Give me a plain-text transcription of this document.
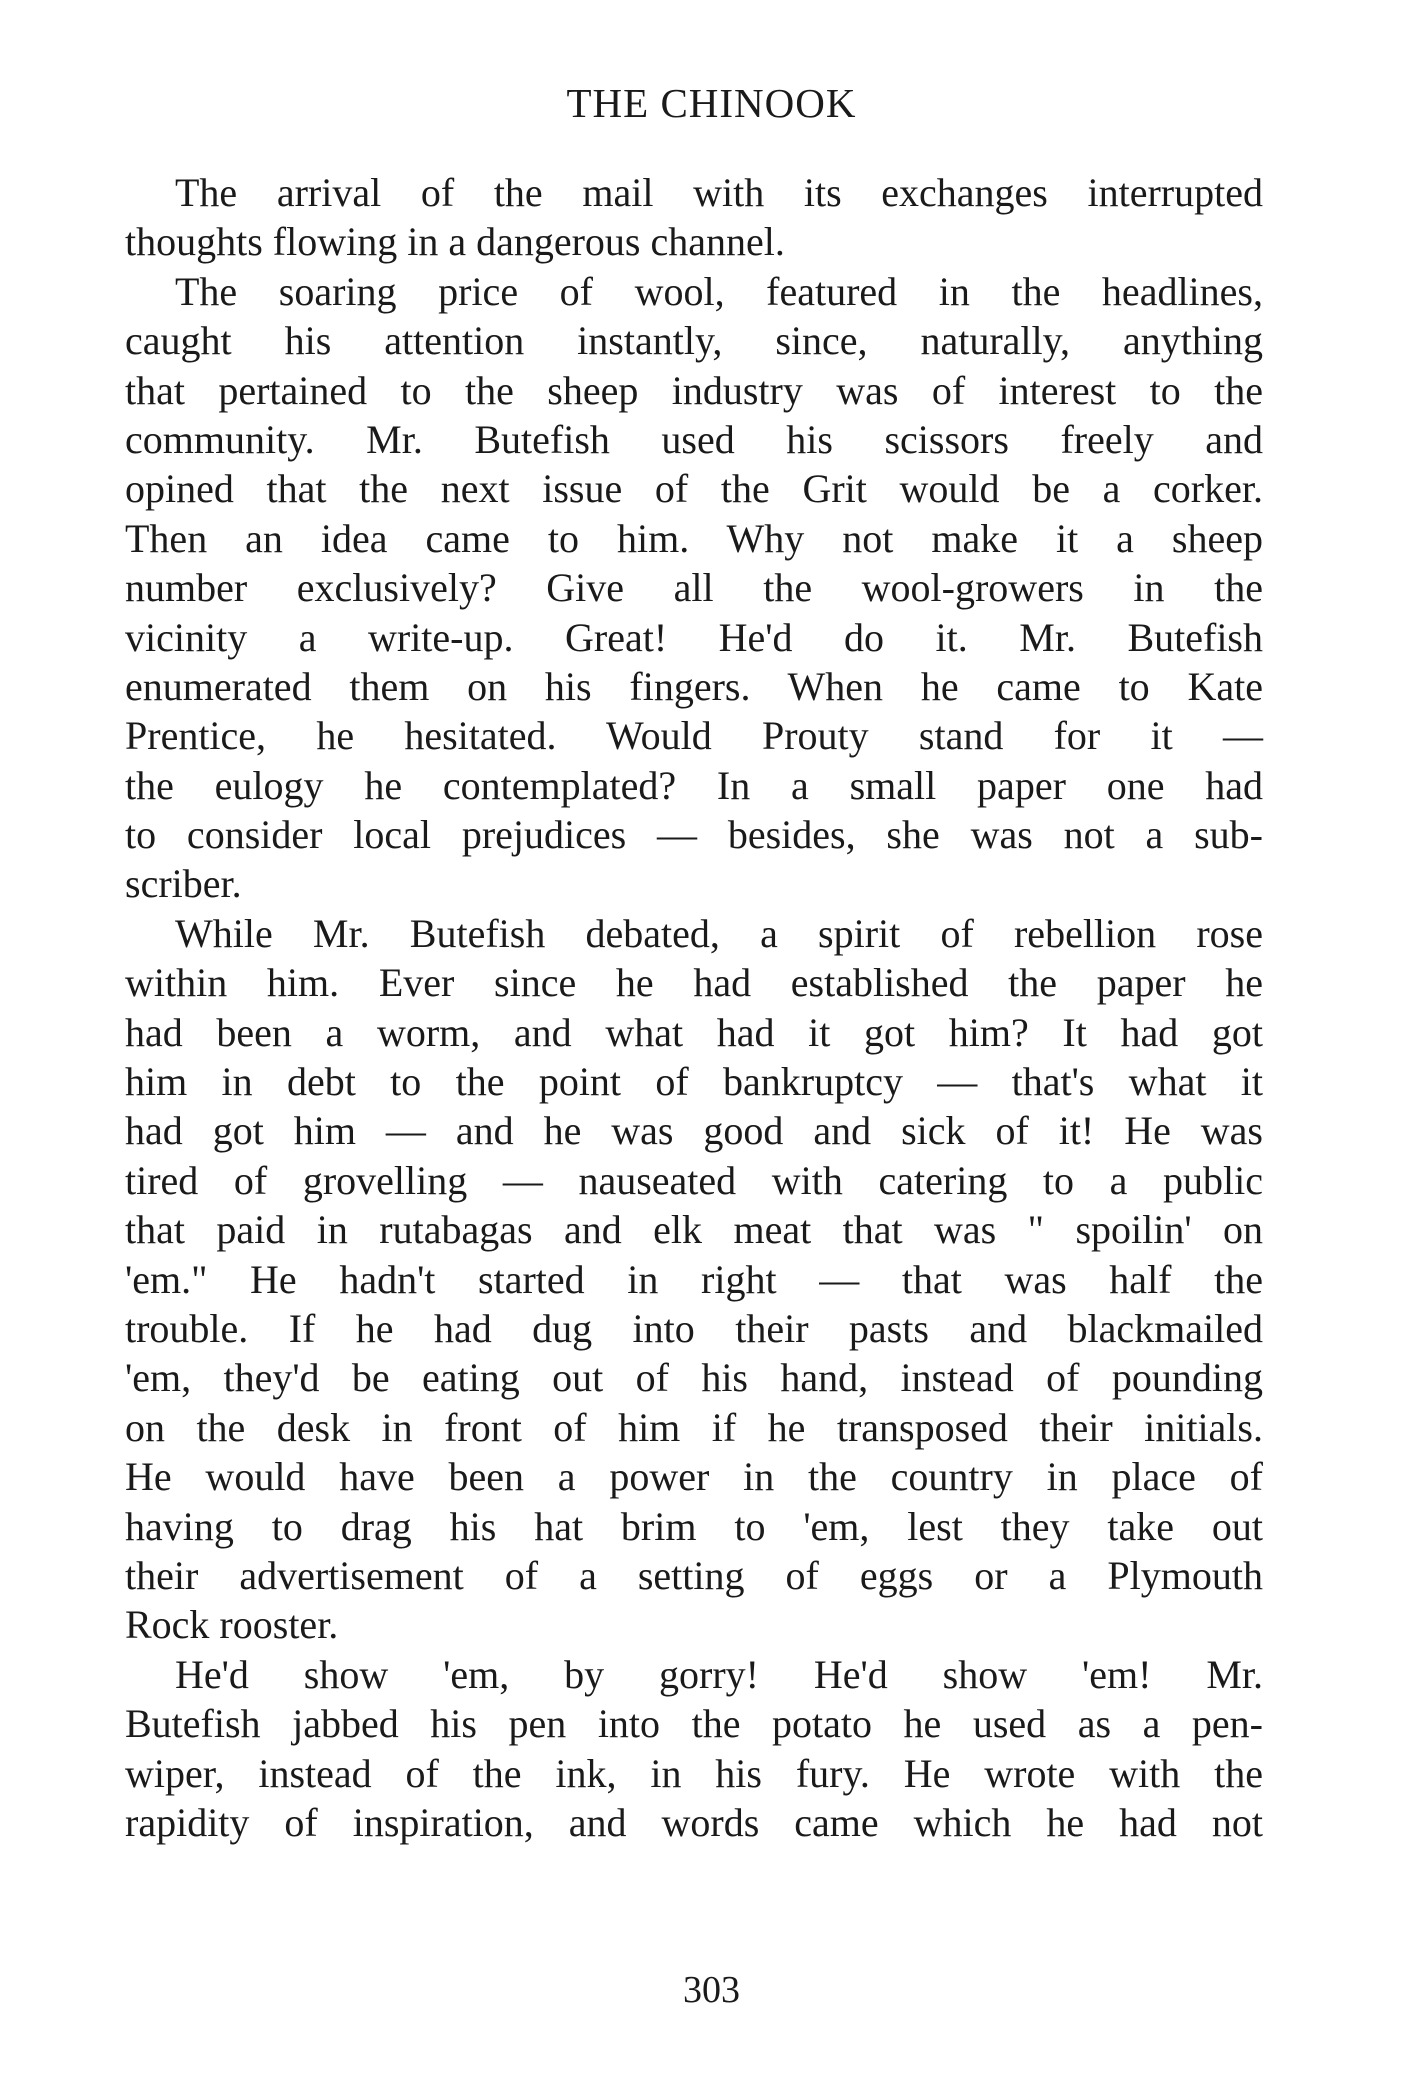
THE CHINOOK
The arrival of the mail with its exchanges interrupted
thoughts flowing in a dangerous channel.
The soaring price of wool, featured in the headlines,
caught his attention instantly, since, naturally, anything
that pertained to the sheep industry was of interest to the
community. Mr. Butefish used his scissors freely and
opined that the next issue of the Grit would be a corker.
Then an idea came to him. Why not make it a sheep
number exclusively? Give all the wool-growers in the
vicinity a write-up. Great! He'd do it. Mr. Butefish
enumerated them on his fingers. When he came to Kate
Prentice, he hesitated. Would Prouty stand for it —
the eulogy he contemplated? In a small paper one had
to consider local prejudices — besides, she was not a sub-
scriber.
While Mr. Butefish debated, a spirit of rebellion rose
within him. Ever since he had established the paper he
had been a worm, and what had it got him? It had got
him in debt to the point of bankruptcy — that's what it
had got him — and he was good and sick of it! He was
tired of grovelling — nauseated with catering to a public
that paid in rutabagas and elk meat that was " spoilin' on
'em." He hadn't started in right — that was half the
trouble. If he had dug into their pasts and blackmailed
'em, they'd be eating out of his hand, instead of pounding
on the desk in front of him if he transposed their initials.
He would have been a power in the country in place of
having to drag his hat brim to 'em, lest they take out
their advertisement of a setting of eggs or a Plymouth
Rock rooster.
He'd show 'em, by gorry! He'd show 'em! Mr.
Butefish jabbed his pen into the potato he used as a pen-
wiper, instead of the ink, in his fury. He wrote with the
rapidity of inspiration, and words came which he had not
303
